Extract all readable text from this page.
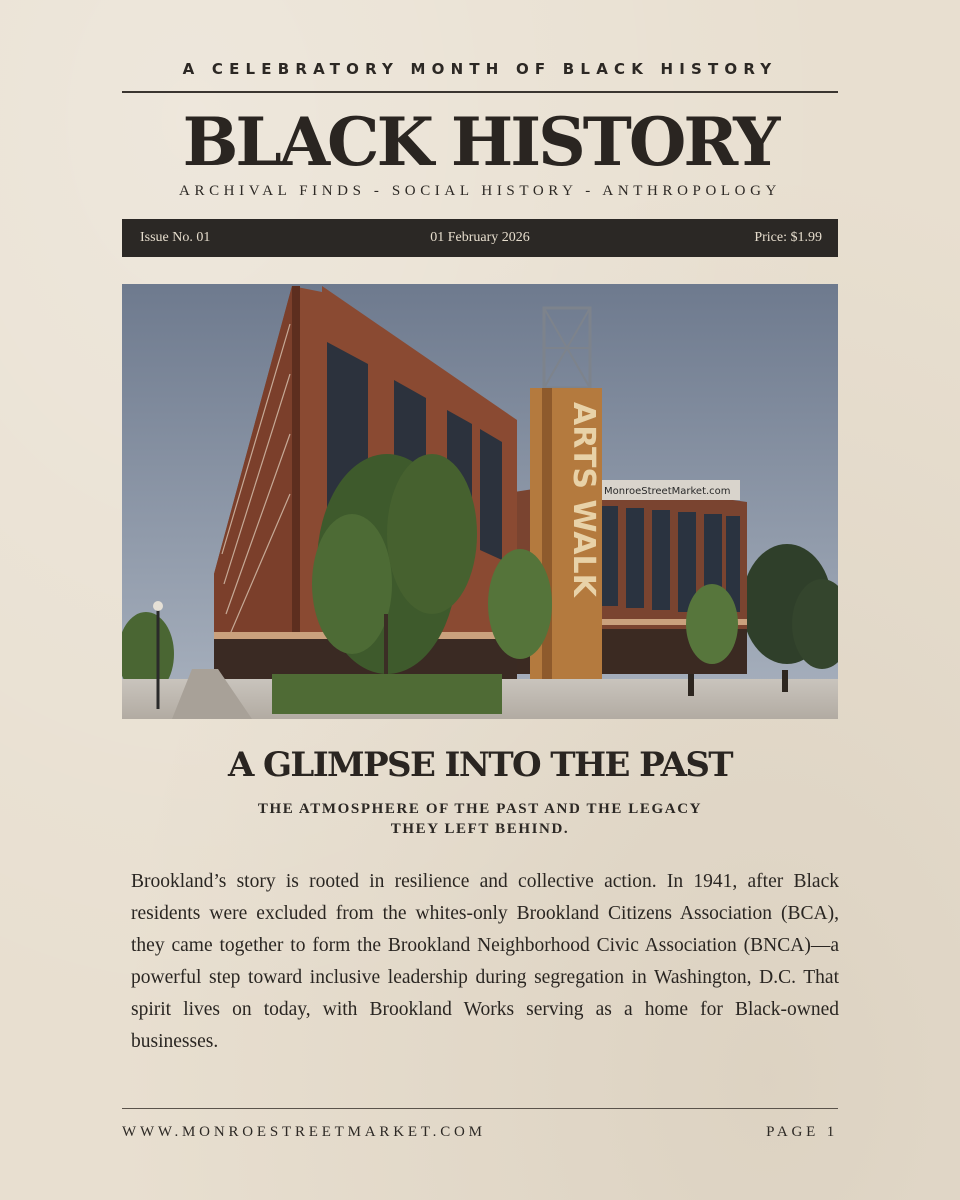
A CELEBRATORY MONTH OF BLACK HISTORY
BLACK HISTORY
ARCHIVAL FINDS - SOCIAL HISTORY - ANTHROPOLOGY
Issue No. 01	01 February 2026	Price: $1.99
MonroeStreetMarket.com
ARTS WALK
A GLIMPSE INTO THE PAST
THE ATMOSPHERE OF THE PAST AND THE LEGACY
THEY LEFT BEHIND.
Brookland’s story is rooted in resilience and collective action. In 1941, after Black residents were excluded from the whites-only Brookland Citizens Association (BCA), they came together to form the Brookland Neighborhood Civic Association (BNCA)—a powerful step toward inclusive leadership during segregation in Washington, D.C. That spirit lives on today, with Brookland Works serving as a home for Black-owned businesses.
WWW.MONROESTREETMARKET.COM	PAGE 1
